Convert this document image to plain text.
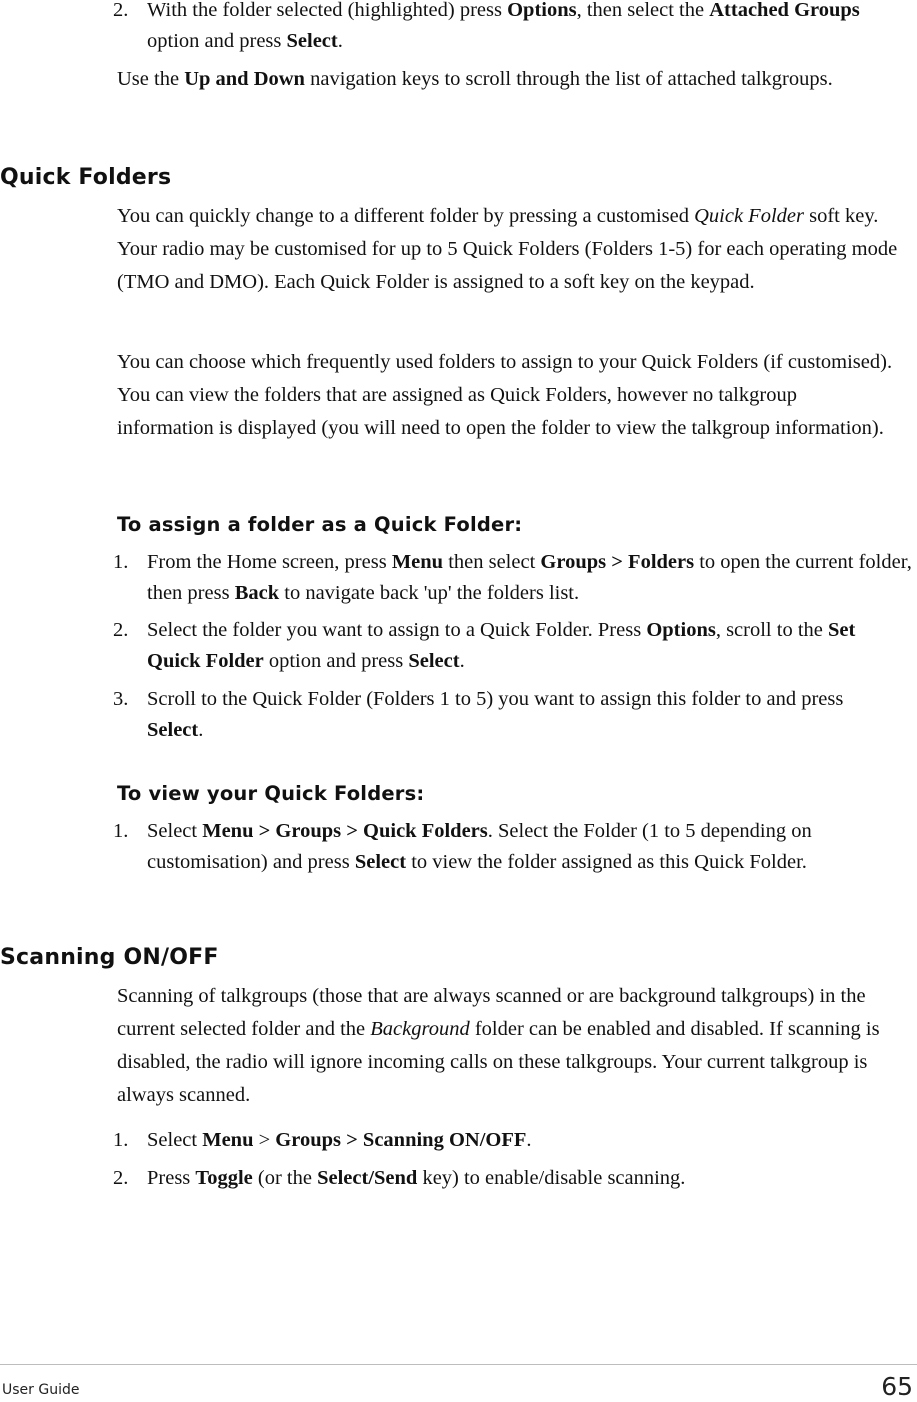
2. With the folder selected (highlighted) press Options, then select the Attached Groups option and press Select.

Use the Up and Down navigation keys to scroll through the list of attached talkgroups.

Quick Folders

You can quickly change to a different folder by pressing a customised Quick Folder soft key. Your radio may be customised for up to 5 Quick Folders (Folders 1-5) for each operating mode (TMO and DMO). Each Quick Folder is assigned to a soft key on the keypad.

You can choose which frequently used folders to assign to your Quick Folders (if customised). You can view the folders that are assigned as Quick Folders, however no talkgroup information is displayed (you will need to open the folder to view the talkgroup information).

To assign a folder as a Quick Folder:
1. From the Home screen, press Menu then select Groups > Folders to open the current folder, then press Back to navigate back 'up' the folders list.
2. Select the folder you want to assign to a Quick Folder. Press Options, scroll to the Set Quick Folder option and press Select.
3. Scroll to the Quick Folder (Folders 1 to 5) you want to assign this folder to and press Select.
To view your Quick Folders:
1. Select Menu > Groups > Quick Folders. Select the Folder (1 to 5 depending on customisation) and press Select to view the folder assigned as this Quick Folder.
Scanning ON/OFF

Scanning of talkgroups (those that are always scanned or are background talkgroups) in the current selected folder and the Background folder can be enabled and disabled. If scanning is disabled, the radio will ignore incoming calls on these talkgroups. Your current talkgroup is always scanned.

1. Select Menu > Groups > Scanning ON/OFF.
2. Press Toggle (or the Select/Send key) to enable/disable scanning.
User Guide	65
